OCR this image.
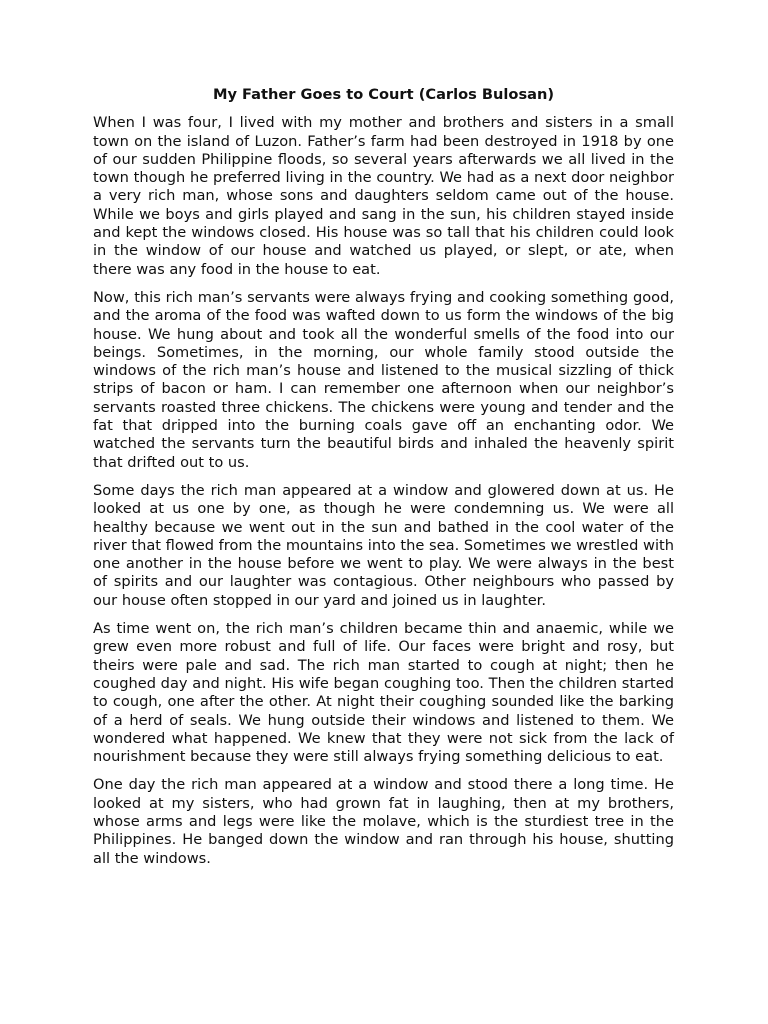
My Father Goes to Court (Carlos Bulosan)

When I was four, I lived with my mother and brothers and sisters in a small town on the island of Luzon. Father’s farm had been destroyed in 1918 by one of our sudden Philippine floods, so several years afterwards we all lived in the town though he preferred living in the country. We had as a next door neighbor a very rich man, whose sons and daughters seldom came out of the house. While we boys and girls played and sang in the sun, his children stayed inside and kept the windows closed. His house was so tall that his children could look in the window of our house and watched us played, or slept, or ate, when there was any food in the house to eat.

Now, this rich man’s servants were always frying and cooking something good, and the aroma of the food was wafted down to us form the windows of the big house. We hung about and took all the wonderful smells of the food into our beings. Sometimes, in the morning, our whole family stood outside the windows of the rich man’s house and listened to the musical sizzling of thick strips of bacon or ham. I can remember one afternoon when our neighbor’s servants roasted three chickens. The chickens were young and tender and the fat that dripped into the burning coals gave off an enchanting odor. We watched the servants turn the beautiful birds and inhaled the heavenly spirit that drifted out to us.

Some days the rich man appeared at a window and glowered down at us. He looked at us one by one, as though he were condemning us. We were all healthy because we went out in the sun and bathed in the cool water of the river that flowed from the mountains into the sea. Sometimes we wrestled with one another in the house before we went to play. We were always in the best of spirits and our laughter was contagious. Other neighbours who passed by our house often stopped in our yard and joined us in laughter.

As time went on, the rich man’s children became thin and anaemic, while we grew even more robust and full of life. Our faces were bright and rosy, but theirs were pale and sad. The rich man started to cough at night; then he coughed day and night. His wife began coughing too. Then the children started to cough, one after the other. At night their coughing sounded like the barking of a herd of seals. We hung outside their windows and listened to them. We wondered what happened. We knew that they were not sick from the lack of nourishment because they were still always frying something delicious to eat.

One day the rich man appeared at a window and stood there a long time. He looked at my sisters, who had grown fat in laughing, then at my brothers, whose arms and legs were like the molave, which is the sturdiest tree in the Philippines. He banged down the window and ran through his house, shutting all the windows.
